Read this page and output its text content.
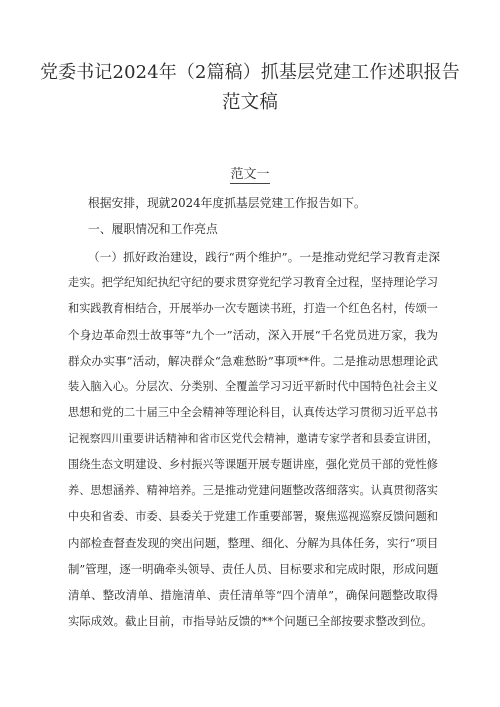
党委书记2024年（2篇稿）抓基层党建工作述职报告
范文稿
范文一
根据安排，现就2024年度抓基层党建工作报告如下。
一、履职情况和工作亮点
（一）抓好政治建设，践行“两个维护”。一是推动党纪学习教育走深
走实。把学纪知纪执纪守纪的要求贯穿党纪学习教育全过程，坚持理论学习
和实践教育相结合，开展举办一次专题读书班，打造一个红色名村，传颂一
个身边革命烈士故事等“九个一”活动，深入开展“千名党员进万家，我为
群众办实事”活动，解决群众“急难愁盼”事项**件。二是推动思想理论武
装入脑入心。分层次、分类别、全覆盖学习习近平新时代中国特色社会主义
思想和党的二十届三中全会精神等理论科目，认真传达学习贯彻习近平总书
记视察四川重要讲话精神和省市区党代会精神，邀请专家学者和县委宣讲团，
围绕生态文明建设、乡村振兴等课题开展专题讲座，强化党员干部的党性修
养、思想涵养、精神培养。三是推动党建问题整改落细落实。认真贯彻落实
中央和省委、市委、县委关于党建工作重要部署，聚焦巡视巡察反馈问题和
内部检查督查发现的突出问题，整理、细化、分解为具体任务，实行“项目
制”管理，逐一明确牵头领导、责任人员、目标要求和完成时限，形成问题
清单、整改清单、措施清单、责任清单等“四个清单”，确保问题整改取得
实际成效。截止目前，市指导站反馈的**个问题已全部按要求整改到位。
